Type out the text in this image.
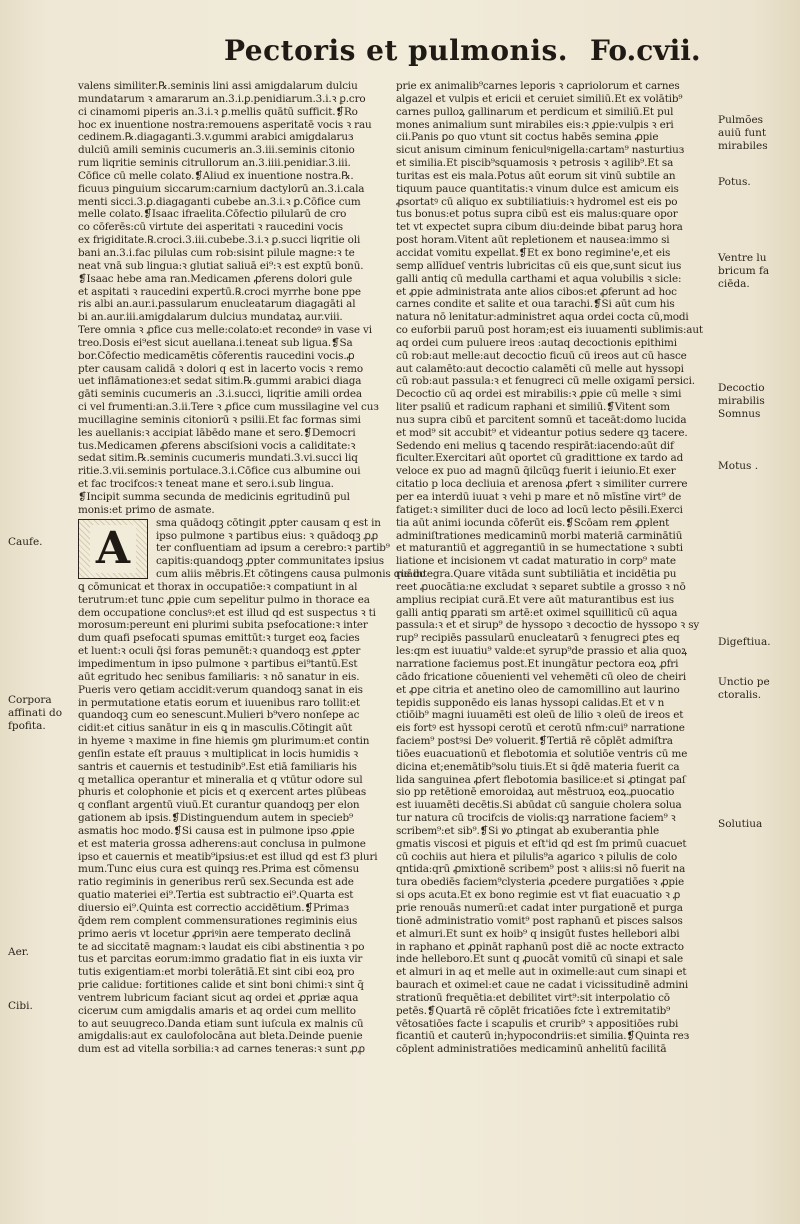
Pectoris et pulmonis. Fo.cvii.
valens similiter.℞.seminis lini assi amigdalarum dulciu
mundatarum ꝛ amararum an.3.i.ꝑ.penidiarum.3.i.ꝛ ꝑ.cro
ci cinamomi piperis an.3.i.ꝛ ꝑ.mellis quātū sufficit.❡Ro
hoc ex inuentione nostra:remouens asperitatē vocis ꝛ rau
cedinem.℞.diagaganti.3.v.gummi arabici amigdalaruз
dulciū amili seminis cucumeris an.3.iii.seminis citonio
rum liqritie seminis citrullorum an.3.iiii.penidiar.3.iii.
Cōfice cū melle colato.❡Aliud ex inuentione nostra.℞.
ficuuз pinguium siccarum:carnium dactylorū an.3.i.cala
menti sicci.3.ꝑ.diagaganti cubebe an.3.i.ꝛ ꝑ.Cōfice cum
melle colato.❡Isaac ifraelita.Cōfectio pilularū de cro
co cōferēs:cū virtute dei asperitati ꝛ raucedini vocis
ex frigiditate.℞.croci.3.iii.cubebe.3.i.ꝛ ꝑ.succi liqritie oli
bani an.3.i.fac pilulas cum rob:sisint pilule magne:ꝛ te
neat vnā sub lingua:ꝛ glutiat saliuā ei⁹:ꝛ est exptū bonū.
❡Isaac hebe ama ran.Medicamen ꝓferens dolori gule
et aspitati ꝛ raucedini expertū.℞.croci myrrhe bone ppe
ris albi an.aur.i.passularum enucleatarum diagagāti al
bi an.aur.iii.amigdalarum dulciuз mundataꝝ aur.viii.
Tere omnia ꝛ ꝓfice cuз melle:colato:et recondeꝰ in vase vi
treo.Dosis ei⁹est sicut auellana.i.teneat sub ligua.❡Sa
bor.Cōfectio medicamētis cōferentis raucedini vocis.ꝓ
pter causam calidā ꝛ dolori q est in lacerto vocis ꝛ remo
uet inflāmationeз:et sedat sitim.℞.gummi arabici diaga
gāti seminis cucumeris an .3.i.succi, liqritie amili ordea
ci vel frumenti:an.3.ii.Tere ꝛ ꝓfice cum mussilagine vel cuз
mucillagine seminis citoniorū ꝛ psilii.Et fac formas simi
les auellanis:ꝛ accipiat lābēdo mane et sero.❡Democri
tus.Medicamen ꝓferens absciſsioni vocis a caliditate:ꝛ
sedat sitim.℞.seminis cucumeris mundati.3.vi.succi liq
ritie.3.vii.seminis portulace.3.i.Cōfice cuз albumine oui
et fac trocifcos:ꝛ teneat mane et sero.i.sub lingua.
❡Incipit summa secunda de medicinis egritudinū pul
monis:et primo de asmate.
A
sma quādoqꝫ cōtingit ꝓpter causam q est in
ipso pulmone ꝛ partibus eius: ꝛ quādoqꝫ ꝓꝓ
ter confluentiam ad ipsum a cerebro:ꝛ partib⁹
capitis:quandoqꝫ ꝓpter communitateз ipsius
cum aliis mēbris.Et cōtingens causa pulmonis quādo
ꝗ cōmunicat et thorax in occupatiōe:ꝛ compatiunt in al
terutrum:et tunc ꝓpie cum sepelitur pulmo in thorace ea
dem occupatione conclusꝰ:et est illud qd est suspectus ꝛ ti
morosum:pereunt eni plurimi subita psefocatione:ꝛ inter
dum quafi psefocati spumas emittūt:ꝛ turget eoꝝ facies
et luent:ꝛ oculi q̄si foras pemunēt:ꝛ quandoqꝫ est ꝓpter
impedimentum in ipso pulmone ꝛ partibus ei⁹tantū.Est
aūt egritudo hec senibus familiaris: ꝛ nō sanatur in eis.
Pueris vero ꝗetiam accidit:verum quandoqꝫ sanat in eis
in permutatione etatis eorum et iuuenibus raro tollit:et
quandoqꝫ cum eo senescunt.Mulieri b⁹vero nonſepe ac
cidit:et citius sanātur in eis ꝗ in masculis.Cōtingit aūt
in hyeme ꝛ maxime in fine hiemis ꝯm plurimum:et contin
genſin estate eſt prauus ꝛ multiplicat in locis humidis ꝛ
santris et cauernis et testudinib⁹.Est etiā familiaris his
q metallica operantur et mineralia et q vtūtur odore sul
phuris et colophonie et picis et q exercent artes plūbeas
q conflant argentū viuū.Et curantur quandoqꝫ per elon
gationem ab ipsis.❡Distinguendum autem in specieb⁹
asmatis hoc modo.❡Si causa est in pulmone ipso ꝓpie
et est materia grossa adherens:aut conclusa in pulmone
ipso et cauernis et meatib⁹ipsius:et est illud qd est f3 pluri
mum.Tunc eius cura est quinqꝫ res.Prima est cōmensu
ratio regiminis in generibus rerū sex.Secunda est ade
quatio materiei ei⁹.Tertia est subtractio ei⁹.Quarta est
diuersio ei⁹.Quinta est correctio accidētium.❡Primaз
q̄dem rem complent commensurationes regiminis eius
primo aeris vt locetur ꝓpriꝰin aere temperato declinā
te ad siccitatē magnam:ꝛ laudat eis cibi abstinentia ꝛ po
tus et parcitas eorum:immo gradatio fiat in eis iuxta vir
tutis exigentiam:et morbi tolerātiā.Et sint cibi eoꝝ pro
prie calidue: fortitiones calide et sint boni chimi:ꝛ sint q̄
ventrem lubricum faciant sicut aq ordei et ꝓpriæ aqua
ciceruм cum amigdalis amaris et aq ordei cum mellito
to aut seuugreco.Danda etiam sunt iuſcula ex malnis cū
amigdalis:aut ex caulofolocāna aut bleta.Deinde puenie
dum est ad vitella sorbilia:ꝛ ad carnes teneras:ꝛ sunt ꝓꝓ
prie ex animalib⁹carnes leporis ꝛ capriolorum et carnes
algazel et vulpis et ericii et ceruiet similiū.Et ex volātib⁹
carnes pulloꝝ gallinarum et perdicum et similiū.Et pul
mones animalium sunt mirabiles eis:ꝛ ꝓpie:vulpis ꝛ eri
cii.Panis ꝑo quo vtunt sit coctus habēs semina ꝓpie
sicut anisum ciminum feniculꝰnigella:cartam⁹ nasturtiuз
et similia.Et piscib⁹squamosis ꝛ petrosis ꝛ agilib⁹.Et sa
turitas est eis mala.Potus aūt eorum sit vinū subtile an
tiquum pauce quantitatis:ꝛ vinum dulce est amicum eis
ꝓsortatꝰ cū aliquo ex subtiliatiuis:ꝛ hydromel est eis po
tus bonus:et potus supra cibū est eis malus:quare opor
tet vt expectet supra cibum diu:deinde bibat paruꝫ hora
post horam.Vitent aūt repletionem et nausea:immo si
accidat vomitu expellat.❡Et ex bono regimine'e,et eis
semp allīdueſ ventris lubricitas cū eis que,sunt sicut ius
galli antiq cū medulla carthami et aqua volubilis ꝛ sicle:
et ꝓpie administrata ante alios cibos:et ꝓferunt ad hoc
carnes condite et salite et oua tarachi.❡Si aūt cum his
natura nō lenitatur:administret aqua ordei cocta cū,modi
co euforbii paruū post horam;est eiз iuuamenti sublimis:aut
aq ordei cum puluere ireos :autaq decoctionis epithimi
cū rob:aut melle:aut decoctio ficuū cū ireos aut cū hasce
aut calamēto:aut decoctio calamēti cū melle aut hyssopi
cū rob:aut passula:ꝛ et fenugreci cū melle oxigamī persici.
Decoctio cū aq ordei est mirabilis:ꝛ ꝓpie cū melle ꝛ simi
liter psaliū et radicum raphani et similiū.❡Vitent som
nuз supra cibū et parcitent somnū et taceāt:domo lucida
et mod⁹ sit accubit⁹ et videantur potius sedere qꝫ tacere.
Sedendo eni melius ꝗ tacendo respirāt:iacendo:aūt dif
ficulter.Exercitari aūt oportet cū gradittione ex tardo ad
veloce ex puo ad magnū q̄ilcūqꝫ fuerit i ieiunio.Et exer
citatio p loca decliuia et arenosa ꝓfert ꝛ similiter currere
per ea interdū iuuat ꝛ vehi p mare et nō mīstīne virt⁹ de
fatiget:ꝛ similiter duci de loco ad locū lecto pēsili.Exerci
tia aūt animi iocunda cōferūt eis.❡Scōam rem ꝓplent
adminiſtrationes medicaminū morbi materiā carminātiū
et maturantiū et aggregantiū in se humectatione ꝛ subti
liatione et incisionem vt cadat maturatio in corp⁹ mate
rie integra.Quare vitāda sunt subtiliātia et incidētia pu
reet ꝓuocātia:ne excludat ꝛ separet subtile a grosso ꝛ nō
amplius recipiat curā.Et vere aūt maturantibus est ius
galli antiq ꝑparati sm artē:et oximel squilliticū cū aqua
passula:ꝛ et et sirup⁹ de hyssopo ꝛ decoctio de hyssopo ꝛ sy
rup⁹ recipiēs passularū enucleatarū ꝛ fenugreci ꝑtes eq
les:qm est iuuatiu⁹ valde:et syrup⁹de prassio et alia quoꝝ
narratione faciemus post.Et inungātur pectora eoꝝ ꝓfri
cādo fricatione cōuenienti vel vehemēti cū oleo de cheiri
et ꝓpe citria et anetino oleo de camomillino aut laurino
tepidis supponēdo eis lanas hyssopi calidas.Et et v n
ctiōib⁹ magni iuuamēti est oleū de lilio ꝛ oleū de ireos et
eis fortꝰ est hyssopi cerotū et cerotū nfm:cui⁹ narratione
faciem⁹ postꝰsi Deꝰ voluerit.❡Tertiā rē cōplēt admiſtra
tiōes euacuationū et flebotomia et solutiōe ventris cū me
dicina et;enemātib⁹solu tiuis.Et si q̄dē materia fuerit ca
lida sanguinea ꝓfert flebotomia basilice:et si ꝓtingat paſ
sio pp retētionē emoroidaꝝ aut mēstruoꝝ eoꝝ.ꝓuocatio
est iuuamēti decētis.Si abūdat cū sanguie cholera solua
tur natura cū trocifcis de violis:qꝫ narratione faciem⁹ ꝛ
scribem⁹:et sib⁹.❡Si ꝟo ꝓtingat ab exuberantia phle
gmatis viscosi et piguis et eſt'id qd est ſm primū cuacuet
cū cochiis aut hiera et pilulis⁹a agarico ꝛ pilulis de colo
qntida:qrū ꝓmixtionē scribem⁹ post ꝛ aliis:si nō fuerit na
tura obediēs faciem⁹clysteria ꝓcedere purgatiōes ꝛ ꝓpie
si ops acuta.Et ex bono regimie est vt fiat euacuatio ꝛ ꝓ
prie renouās numerū:et cadat inter purgationē et purga
tionē administratio vomit⁹ post raphanū et pisces salsos
et almuri.Et sunt ex hoib⁹ q insigūt fustes hellebori albi
in raphano et ꝓpināt raphanū post diē ac nocte extracto
inde helleboro.Et sunt q ꝓuocāt vomitū cū sinapi et sale
et almuri in aq et melle aut in oximelle:aut cum sinapi et
baurach et oximel:et caue ne cadat i vicissitudinē admini
strationū frequētia:et debilitet virt⁹:sit interpolatio cō
petēs.❡Quartā rē cōplēt fricatiōes fcte ì extremitatib⁹
vētosatiōes facte i scapulis et crurib⁹ ꝛ appositiōes rubi
ficantiū et cauterū in;hypocondriis:et similia.❡Quinta reз
cōplent administratiōes medicaminū anhelitū facilitā
Caufe.
Corpora
affinati do
fpofita.
Aer.
Cibi.
Pulmões
auiū funt
mirabiles
Potus.
Ventre lu
bricum fa
ciēda.
Decoctio
mirabilis
Somnus
Motus .
Digeftiua.
Unctio pe
ctoralis.
Solutiua
